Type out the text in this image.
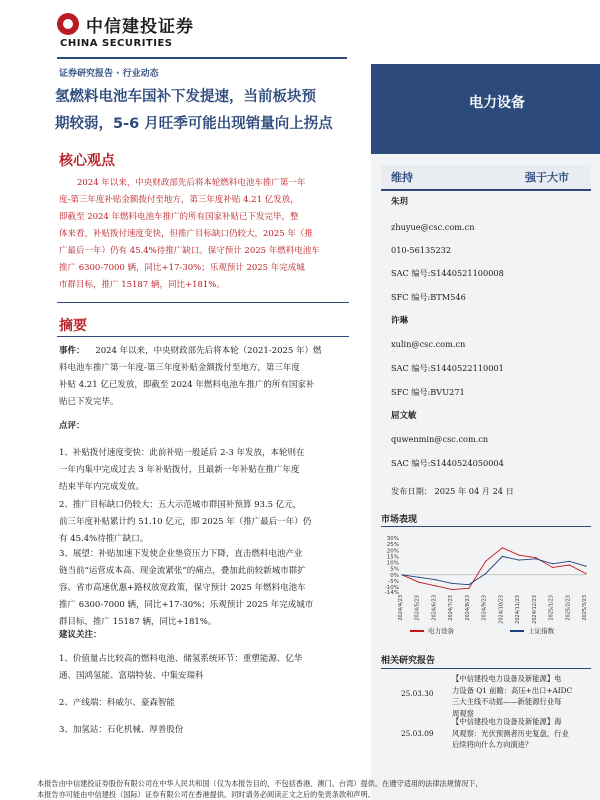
中信建投证券
CHINA SECURITIES
证券研究报告 · 行业动态
氢燃料电池车国补下发提速，当前板块预
期较弱，5-6 月旺季可能出现销量向上拐点
核心观点
2024 年以来，中央财政部先后将本轮燃料电池车推广第一年
度-第三年度补贴金额拨付至地方，第三年度补贴 4.21 亿发放，
即截至 2024 年燃料电池车推广的所有国家补贴已下发完毕，整
体来看，补贴拨付速度变快，但推广目标缺口仍较大，2025 年（推
广最后一年）仍有 45.4%待推广缺口。保守预计 2025 年燃料电池车
推广 6300-7000 辆，同比+17-30%；乐观预计 2025 年完成城
市群目标，推广 15187 辆，同比+181%。
摘要
事件： 2024 年以来，中央财政部先后将本轮（2021-2025 年）燃
料电池车推广第一年度-第三年度补贴金额拨付至地方，第三年度
补贴 4.21 亿已发放，即截至 2024 年燃料电池车推广的所有国家补
贴已下发完毕。
点评：
1、补贴拨付速度变快：此前补贴一般延后 2-3 年发放，本轮则在
一年内集中完成过去 3 年补贴拨付，且最新一年补贴在推广年度
结束半年内完成发放。
2、推广目标缺口仍较大：五大示范城市群国补预算 93.5 亿元，
前三年度补贴累计约 51.10 亿元，即 2025 年（推广最后一年）仍
有 45.4%待推广缺口。
3、展望：补贴加速下发使企业垫资压力下降，直击燃料电池产业
链当前“运营成本高、现金流紧张”的痛点，叠加此前较新城市群扩
容、省市高速优惠+路权放宽政策，保守预计 2025 年燃料电池车
推广 6300-7000 辆，同比+17-30%；乐观预计 2025 年完成城市
群目标，推广 15187 辆，同比+181%。
建议关注：
1、价值量占比较高的燃料电池、储氢系统环节：重塑能源、亿华
通、国鸿氢能、富瑞特装、中集安瑞科
2、产线端：科威尔、豪森智能
3、加氢站：石化机械、厚普股份
电力设备
维持	强于大市
朱玥
zhuyue@csc.com.cn
010-56135232
SAC 编号:S1440521100008
SFC 编号:BTM546
许琳
xulin@csc.com.cn
SAC 编号:S1440522110001
SFC 编号:BVU271
屈文敏
quwenmin@csc.com.cn
SAC 编号:S1440524050004
发布日期： 2025 年 04 月 24 日
市场表现
30%
25%
20%
15%
10%
5%
0%
-5%
-10%
-14%
2024/4/23 2024/5/23 2024/6/23 2024/7/23 2024/8/23 2024/9/23 2024/10/23 2024/11/23 2024/12/23 2025/1/23 2025/2/23 2025/3/23
电力设备	上证指数
相关研究报告
25.03.30
【中信建投电力设备及新能源】电
力设备 Q1 前瞻：高压+出口+AIDC
三大主线不动摇——新能源行业每
周观察
25.03.09
【中信建投电力设备及新能源】海
风观察：光伏预测者历史复盘，行业
后续将向什么方向演进？
本报告由中信建投证券股份有限公司在中华人民共和国（仅为本报告目的，不包括香港、澳门、台湾）提供。在遵守适用的法律法规情况下，
本报告亦可能由中信建投（国际）证券有限公司在香港提供。同时请务必阅读正文之后的免责条款和声明。
